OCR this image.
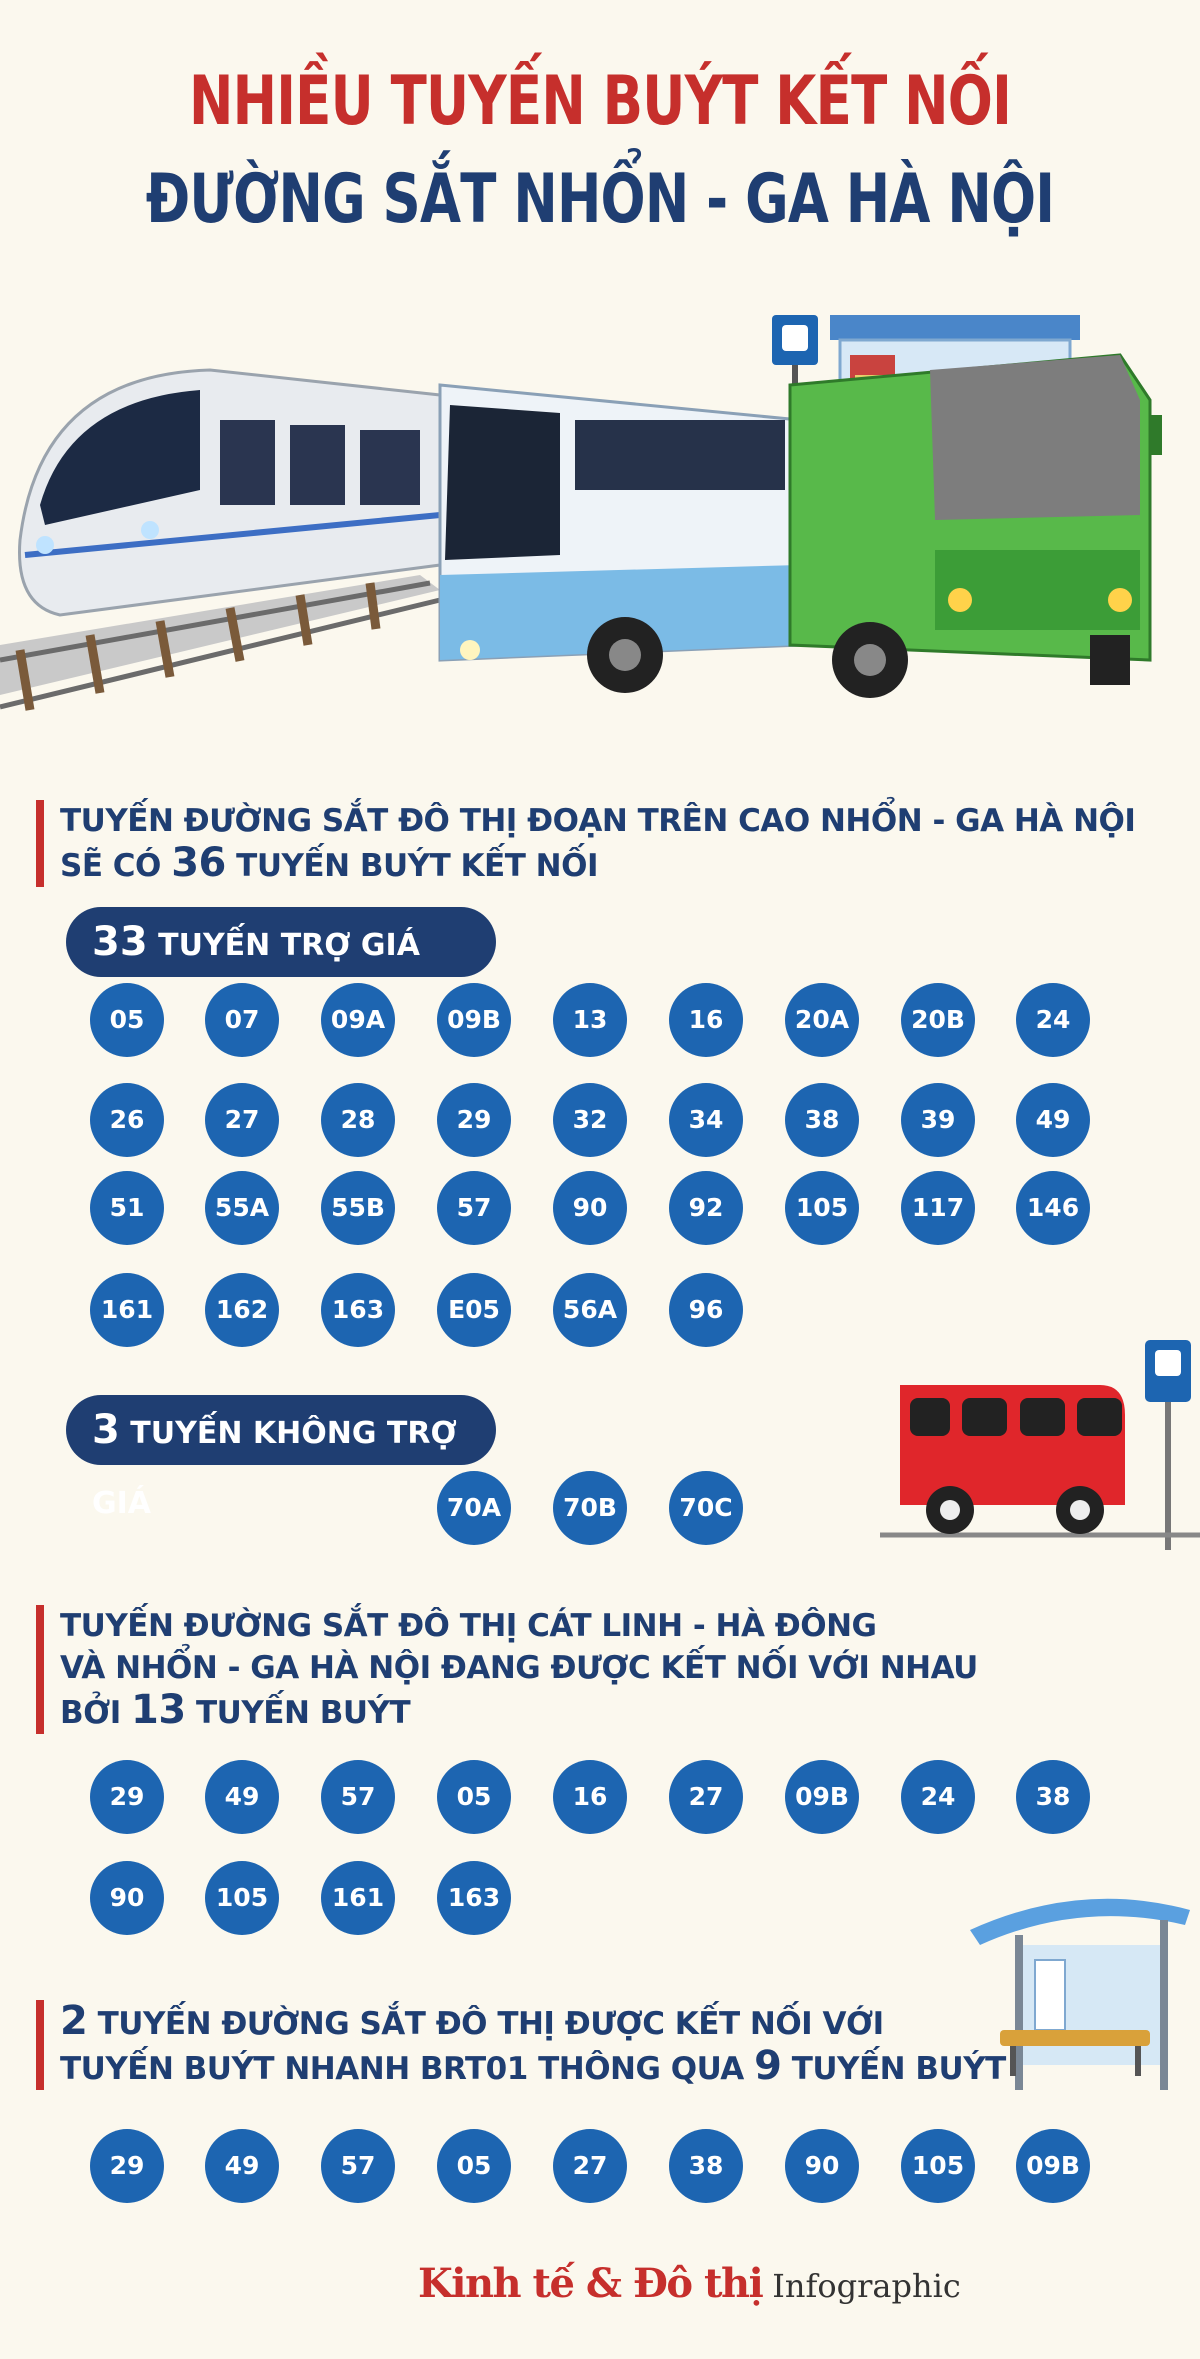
NHIỀU TUYẾN BUÝT KẾT NỐI
ĐƯỜNG SẮT NHỔN - GA HÀ NỘI
TUYẾN ĐƯỜNG SẮT ĐÔ THỊ ĐOẠN TRÊN CAO NHỔN - GA HÀ NỘI
SẼ CÓ 36 TUYẾN BUÝT KẾT NỐI
33 TUYẾN TRỢ GIÁ
05	07	09A	09B	13	16	20A	20B	24
26	27	28	29	32	34	38	39	49
51	55A	55B	57	90	92	105	117	146
161	162	163	E05	56A	96
3 TUYẾN KHÔNG TRỢ GIÁ	70A	70B	70C
TUYẾN ĐƯỜNG SẮT ĐÔ THỊ CÁT LINH - HÀ ĐÔNG
VÀ NHỔN - GA HÀ NỘI ĐANG ĐƯỢC KẾT NỐI VỚI NHAU
BỞI 13 TUYẾN BUÝT
29	49	57	05	16	27	09B	24	38
90	105	161	163
2 TUYẾN ĐƯỜNG SẮT ĐÔ THỊ ĐƯỢC KẾT NỐI VỚI
TUYẾN BUÝT NHANH BRT01 THÔNG QUA 9 TUYẾN BUÝT
29	49	57	05	27	38	90	105	09B
Kinh tế & Đô thị Infographic
